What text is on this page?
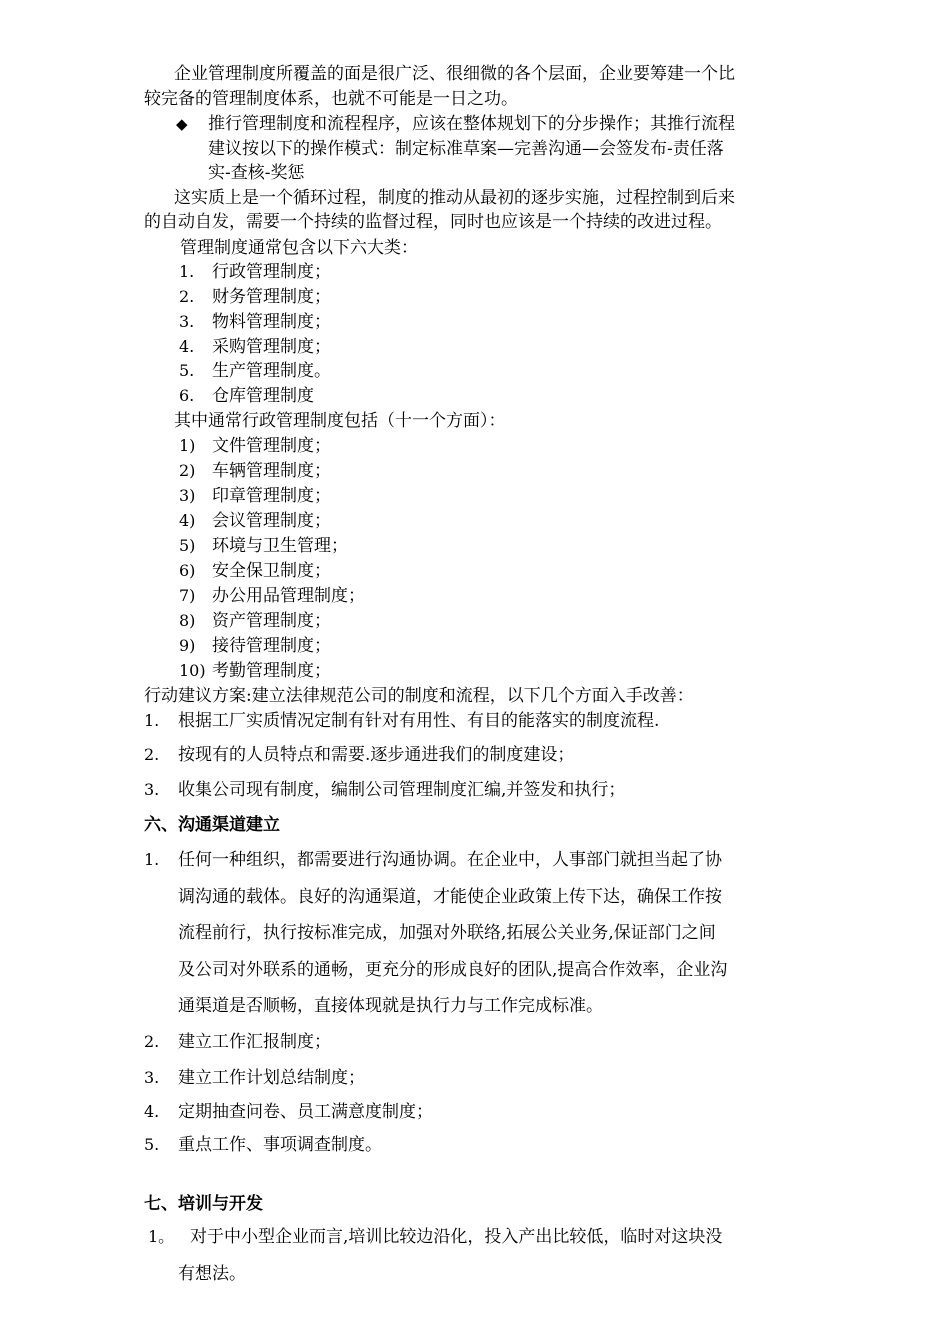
企业管理制度所覆盖的面是很广泛、很细微的各个层面，企业要筹建一个比
较完备的管理制度体系，也就不可能是一日之功。
◆ 推行管理制度和流程程序，应该在整体规划下的分步操作；其推行流程
建议按以下的操作模式：制定标准草案—完善沟通—会签发布-责任落
实-查核-奖惩
这实质上是一个循环过程，制度的推动从最初的逐步实施，过程控制到后来
的自动自发，需要一个持续的监督过程，同时也应该是一个持续的改进过程。
管理制度通常包含以下六大类：
1. 行政管理制度；
2. 财务管理制度；
3. 物料管理制度；
4. 采购管理制度；
5. 生产管理制度。
6. 仓库管理制度
其中通常行政管理制度包括（十一个方面）：
1) 文件管理制度；
2) 车辆管理制度；
3) 印章管理制度；
4) 会议管理制度；
5) 环境与卫生管理；
6) 安全保卫制度；
7) 办公用品管理制度；
8) 资产管理制度；
9) 接待管理制度；
10) 考勤管理制度；
行动建议方案:建立法律规范公司的制度和流程，以下几个方面入手改善：
1. 根据工厂实质情况定制有针对有用性、有目的能落实的制度流程.
2. 按现有的人员特点和需要.逐步通进我们的制度建设；
3. 收集公司现有制度，编制公司管理制度汇编,并签发和执行；
六、沟通渠道建立
1. 任何一种组织，都需要进行沟通协调。在企业中，人事部门就担当起了协
调沟通的载体。良好的沟通渠道，才能使企业政策上传下达，确保工作按
流程前行，执行按标准完成，加强对外联络,拓展公关业务,保证部门之间
及公司对外联系的通畅，更充分的形成良好的团队,提高合作效率，企业沟
通渠道是否顺畅，直接体现就是执行力与工作完成标准。
2. 建立工作汇报制度；
3. 建立工作计划总结制度；
4. 定期抽查问卷、员工满意度制度；
5. 重点工作、事项调查制度。
七、培训与开发
1。 对于中小型企业而言,培训比较边沿化，投入产出比较低，临时对这块没
有想法。
